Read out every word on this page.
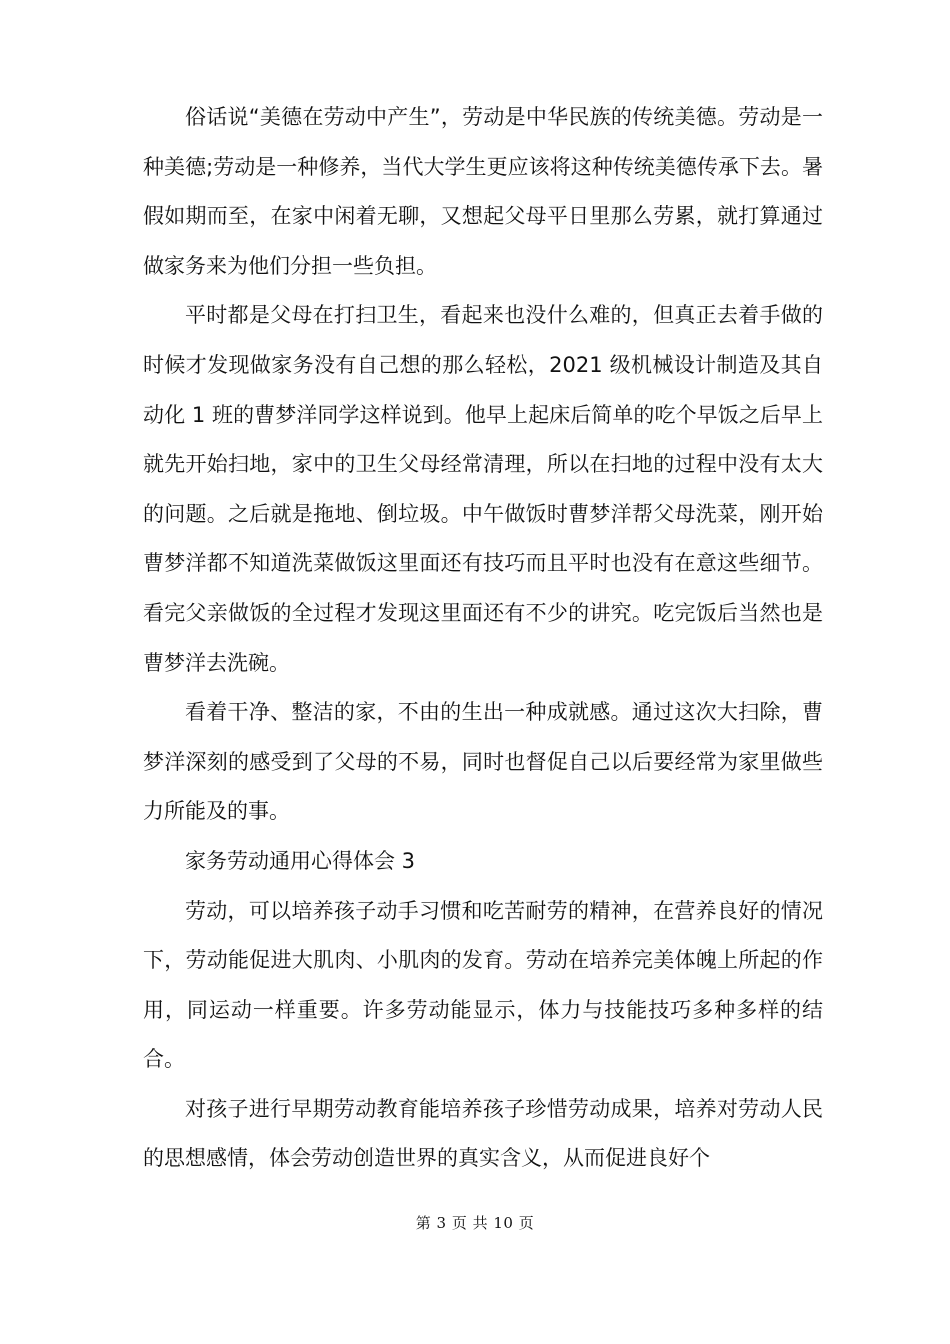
俗话说“美德在劳动中产生”，劳动是中华民族的传统美德。劳动是一种美德;劳动是一种修养，当代大学生更应该将这种传统美德传承下去。暑假如期而至，在家中闲着无聊，又想起父母平日里那么劳累，就打算通过做家务来为他们分担一些负担。

平时都是父母在打扫卫生，看起来也没什么难的，但真正去着手做的时候才发现做家务没有自己想的那么轻松，2021 级机械设计制造及其自动化 1 班的曹梦洋同学这样说到。他早上起床后简单的吃个早饭之后早上就先开始扫地，家中的卫生父母经常清理，所以在扫地的过程中没有太大的问题。之后就是拖地、倒垃圾。中午做饭时曹梦洋帮父母洗菜，刚开始曹梦洋都不知道洗菜做饭这里面还有技巧而且平时也没有在意这些细节。看完父亲做饭的全过程才发现这里面还有不少的讲究。吃完饭后当然也是曹梦洋去洗碗。

看着干净、整洁的家，不由的生出一种成就感。通过这次大扫除，曹梦洋深刻的感受到了父母的不易，同时也督促自己以后要经常为家里做些力所能及的事。

家务劳动通用心得体会 3

劳动，可以培养孩子动手习惯和吃苦耐劳的精神，在营养良好的情况下，劳动能促进大肌肉、小肌肉的发育。劳动在培养完美体魄上所起的作用，同运动一样重要。许多劳动能显示，体力与技能技巧多种多样的结合。

对孩子进行早期劳动教育能培养孩子珍惜劳动成果，培养对劳动人民的思想感情，体会劳动创造世界的真实含义，从而促进良好个

第 3 页 共 10 页
